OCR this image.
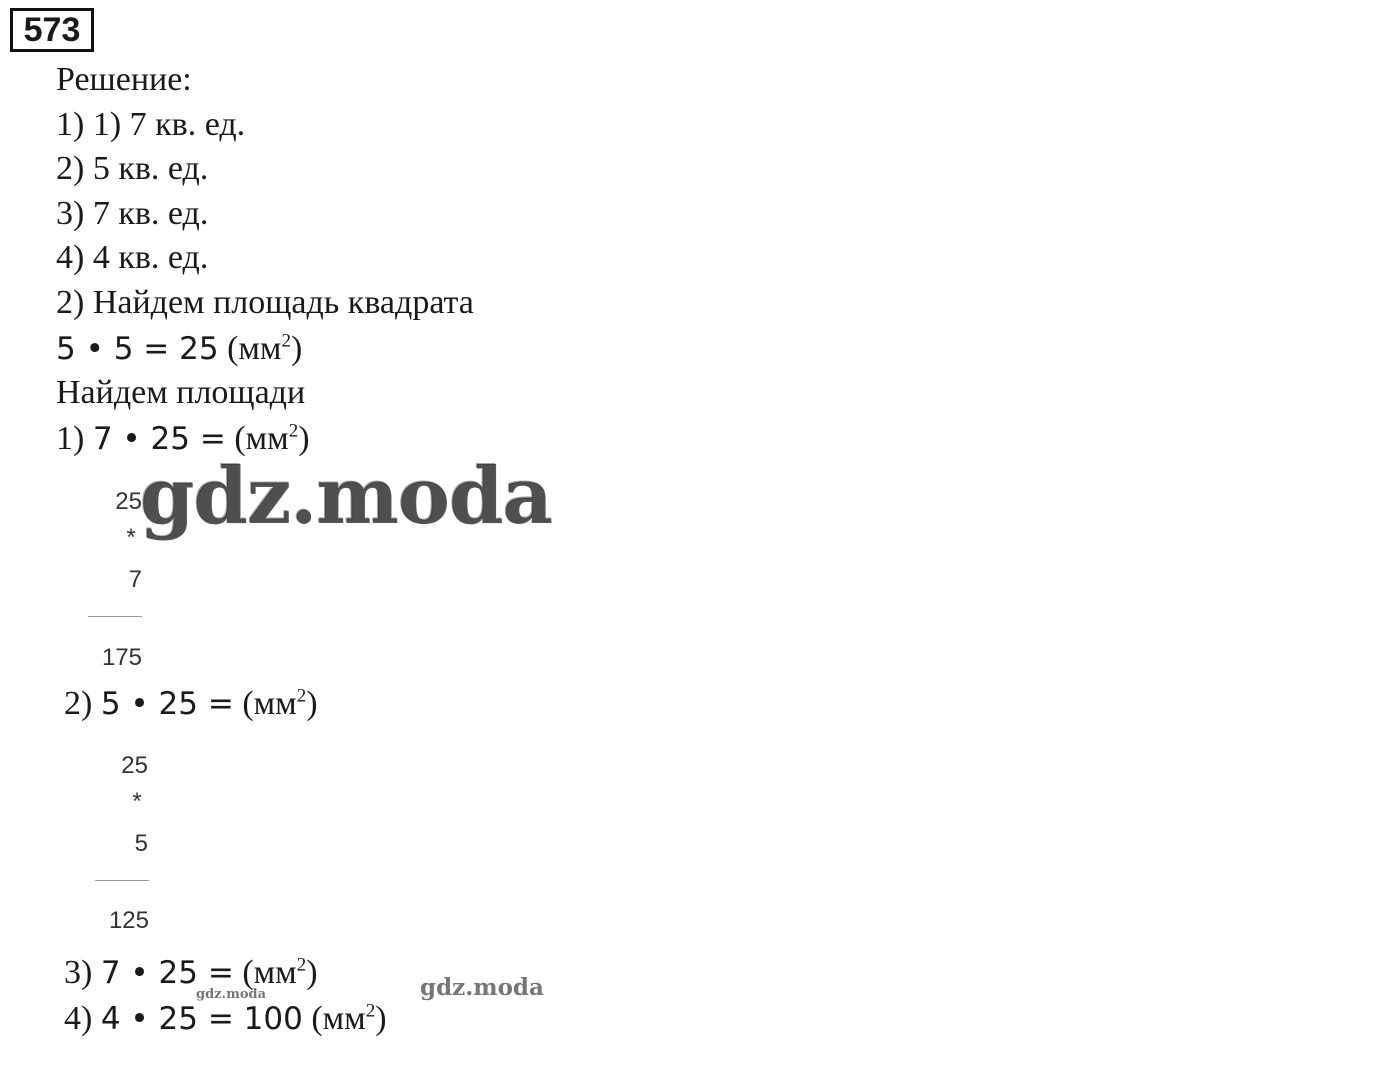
573
Решение:
1) 1) 7 кв. ед.
2) 5 кв. ед.
3) 7 кв. ед.
4) 4 кв. ед.
2) Найдем площадь квадрата
5 • 5 = 25 $(мм^2)$
Найдем площади
1) 7 • $25 = (мм^2)$
25
*
7
175
gdz.moda
2) 5 • $25 = (мм^2)$
25
*
5
125
3) 7 • $25 = (мм^2)$
gdz.moda	gdz.moda
4) 4 • 25 = 100 $(мм^2)$
